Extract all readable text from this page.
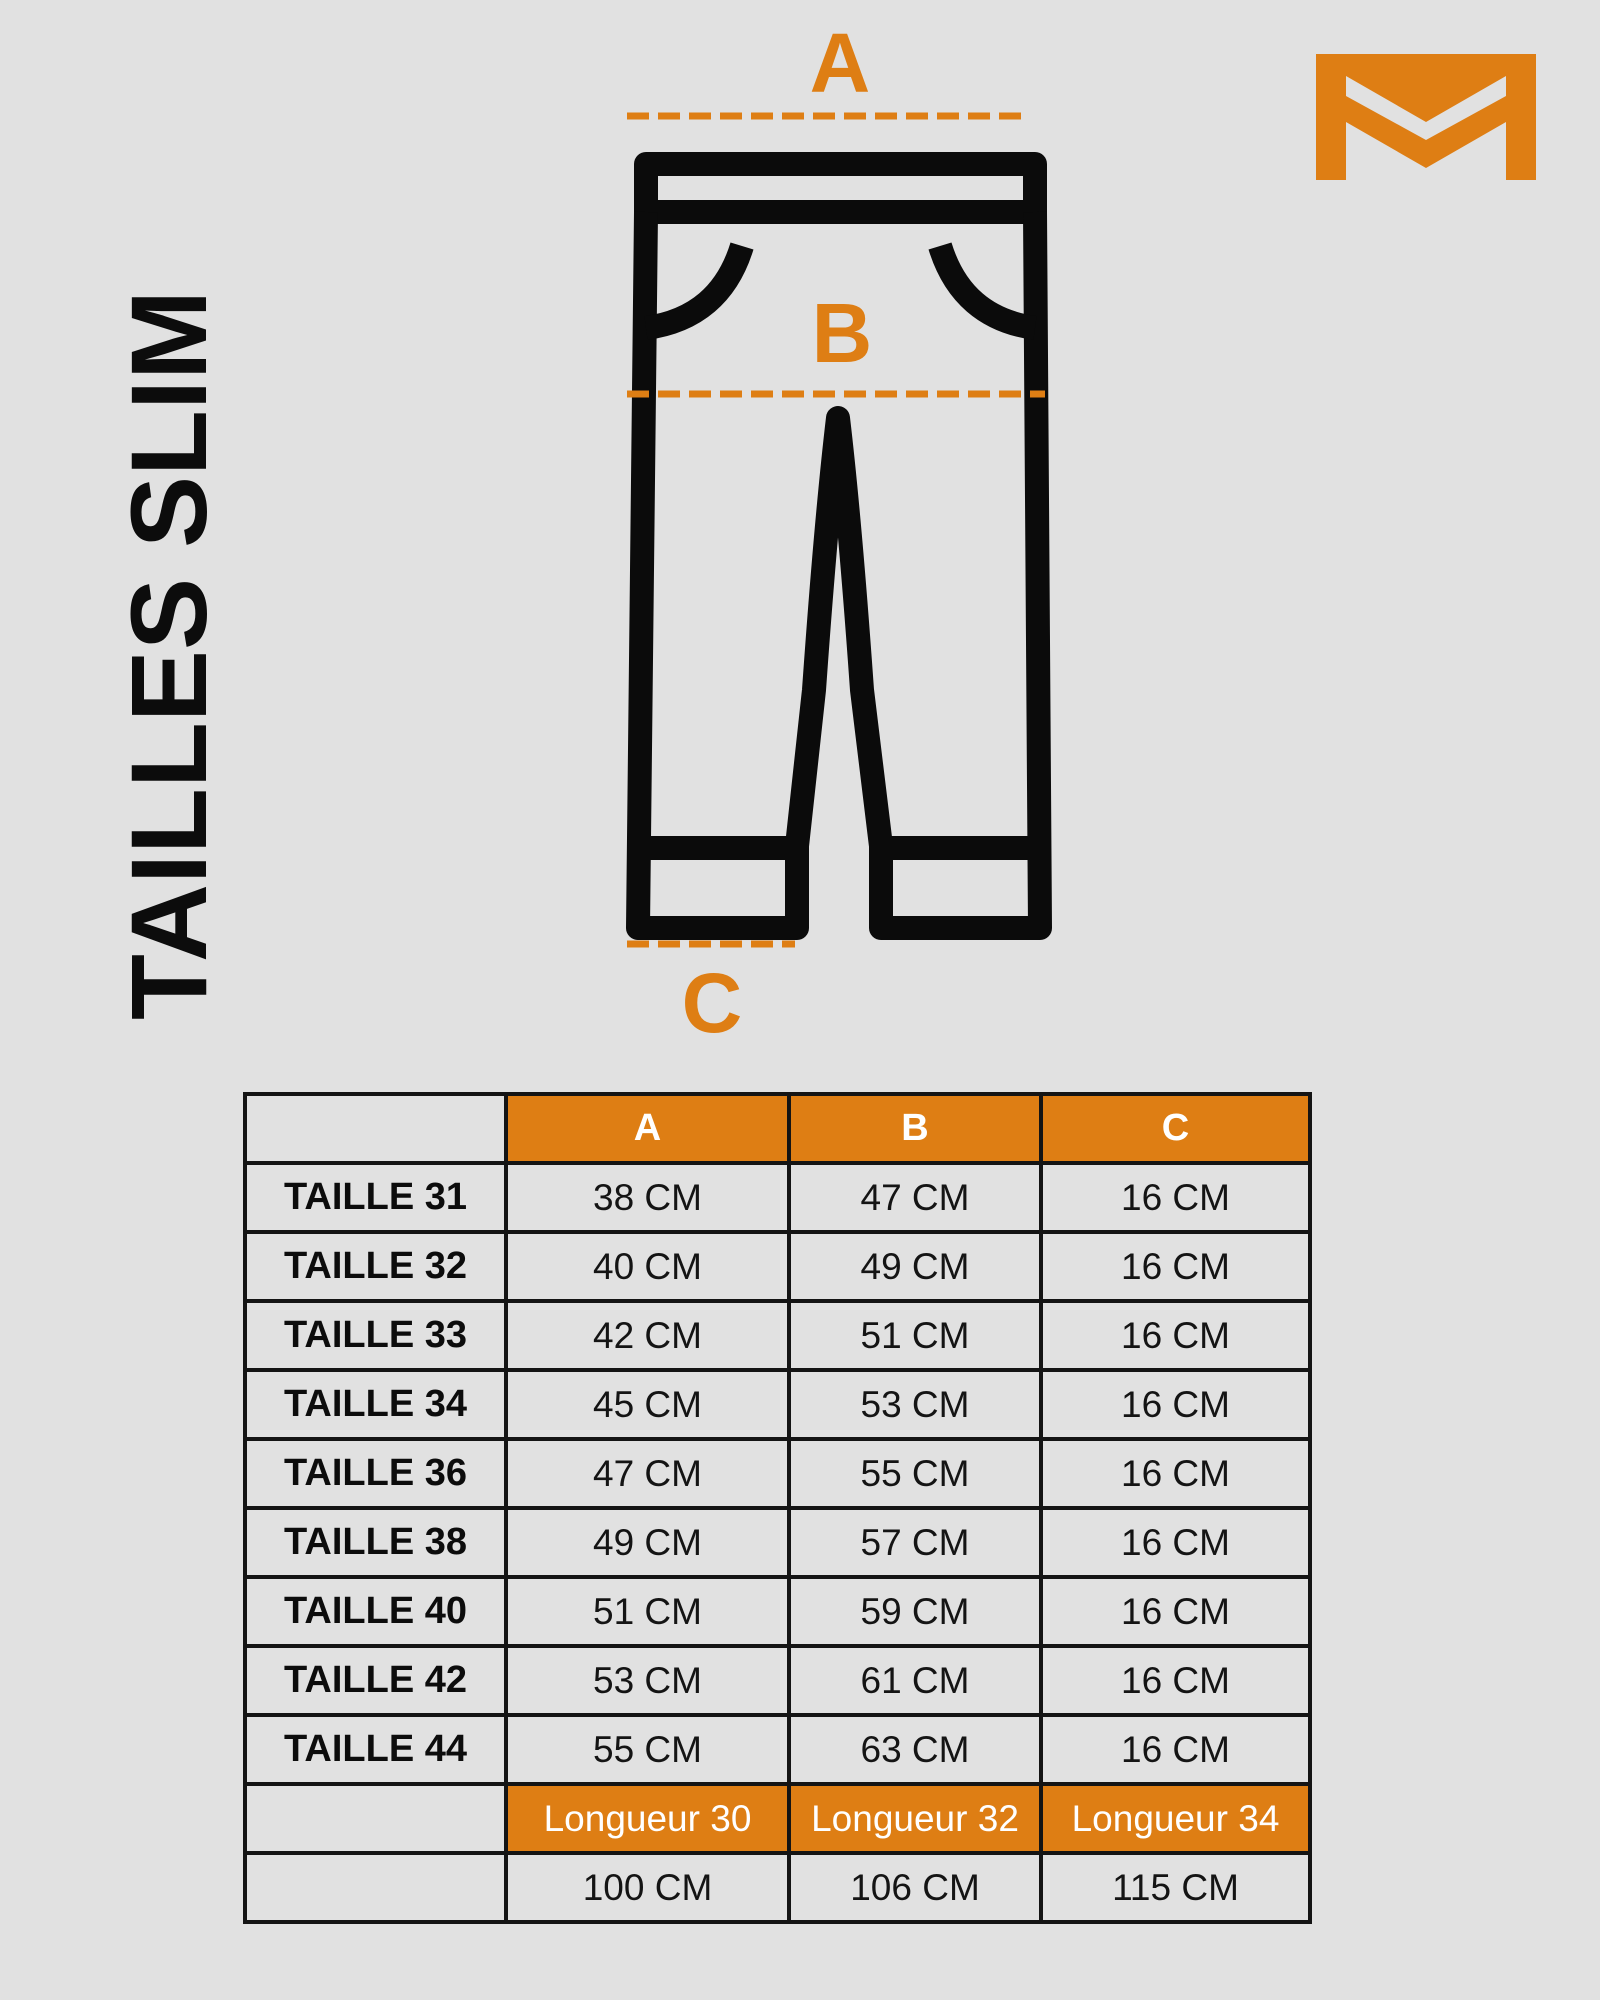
TAILLES SLIM
A
B
C
	A	B	C
TAILLE 31	38 CM	47 CM	16 CM
TAILLE 32	40 CM	49 CM	16 CM
TAILLE 33	42 CM	51 CM	16 CM
TAILLE 34	45 CM	53 CM	16 CM
TAILLE 36	47 CM	55 CM	16 CM
TAILLE 38	49 CM	57 CM	16 CM
TAILLE 40	51 CM	59 CM	16 CM
TAILLE 42	53 CM	61 CM	16 CM
TAILLE 44	55 CM	63 CM	16 CM
	Longueur 30	Longueur 32	Longueur 34
	100 CM	106 CM	115 CM
